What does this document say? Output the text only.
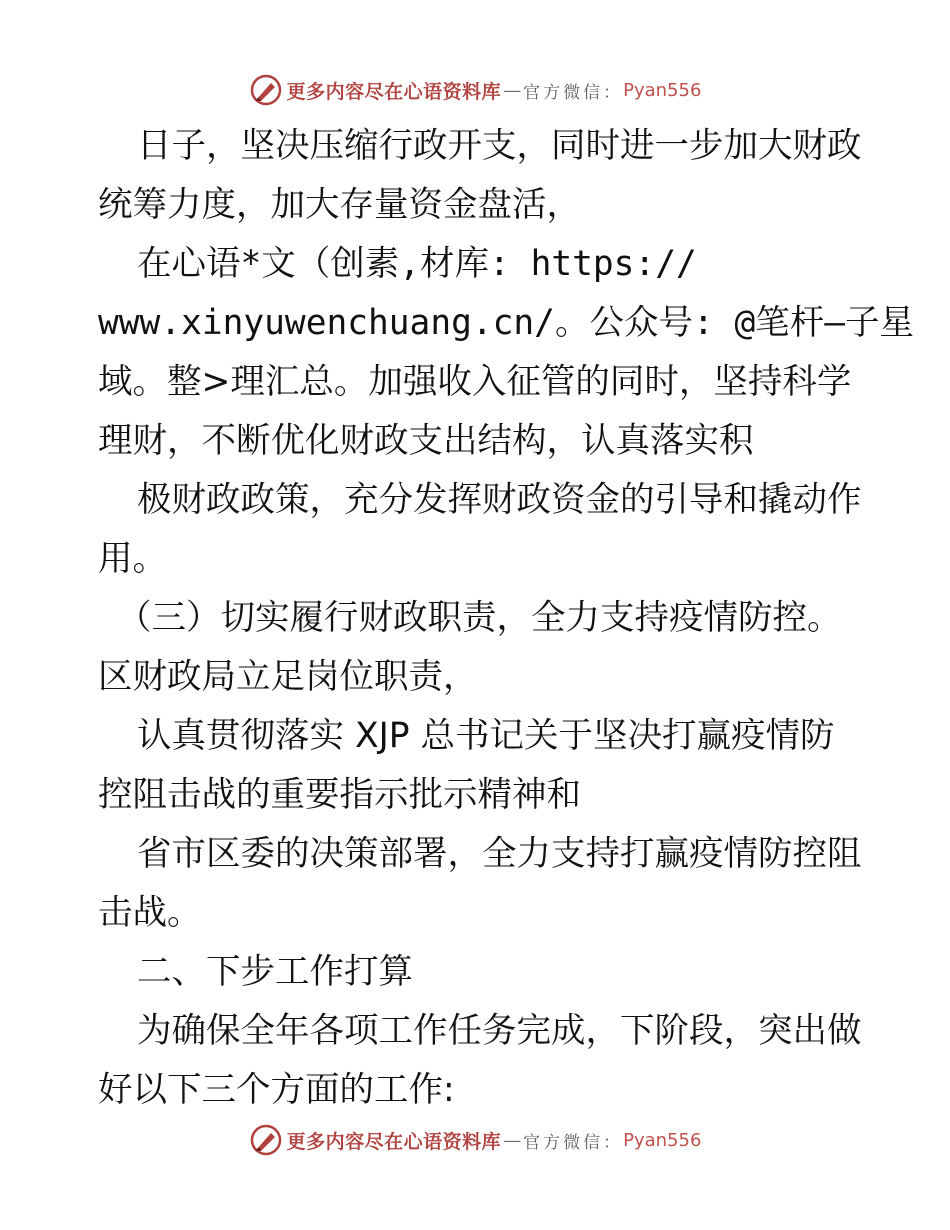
更多内容尽在心语资料库 — 官方微信： Pyan556
日子，坚决压缩行政开支，同时进一步加大财政
统筹力度，加大存量资金盘活，
在心语*文（创素,材库: https://
www.xinyuwenchuang.cn/。公众号: @笔杆—子星
域。整>理汇总。加强收入征管的同时，坚持科学
理财，不断优化财政支出结构，认真落实积
极财政政策，充分发挥财政资金的引导和撬动作
用。
（三）切实履行财政职责，全力支持疫情防控。
区财政局立足岗位职责，
认真贯彻落实 XJP 总书记关于坚决打赢疫情防
控阻击战的重要指示批示精神和
省市区委的决策部署，全力支持打赢疫情防控阻
击战。
二、下步工作打算
为确保全年各项工作任务完成，下阶段，突出做
好以下三个方面的工作:
更多内容尽在心语资料库 — 官方微信： Pyan556
